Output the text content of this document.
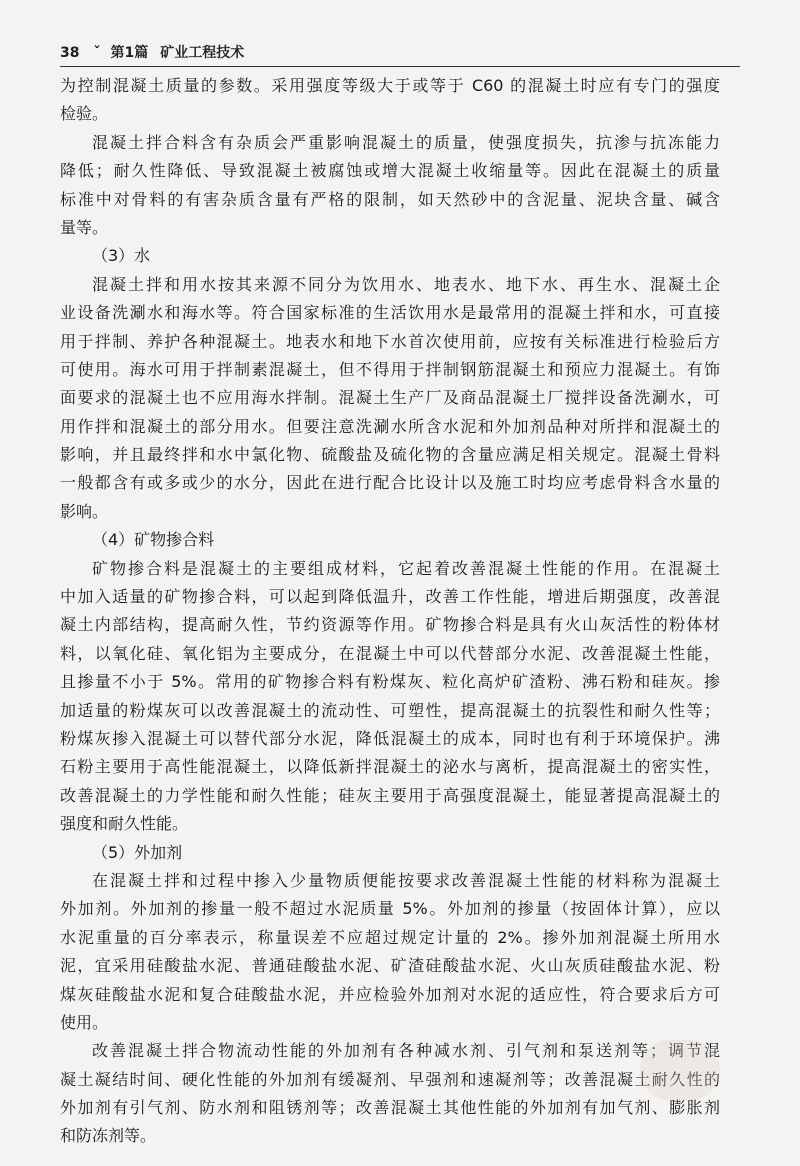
38 ˇ 第1篇 矿业工程技术
为控制混凝土质量的参数。采用强度等级大于或等于 C60 的混凝土时应有专门的强度
检验。
混凝土拌合料含有杂质会严重影响混凝土的质量，使强度损失，抗渗与抗冻能力
降低；耐久性降低、导致混凝土被腐蚀或增大混凝土收缩量等。因此在混凝土的质量
标准中对骨料的有害杂质含量有严格的限制，如天然砂中的含泥量、泥块含量、碱含
量等。
（3）水
混凝土拌和用水按其来源不同分为饮用水、地表水、地下水、再生水、混凝土企
业设备洗涮水和海水等。符合国家标准的生活饮用水是最常用的混凝土拌和水，可直接
用于拌制、养护各种混凝土。地表水和地下水首次使用前，应按有关标准进行检验后方
可使用。海水可用于拌制素混凝土，但不得用于拌制钢筋混凝土和预应力混凝土。有饰
面要求的混凝土也不应用海水拌制。混凝土生产厂及商品混凝土厂搅拌设备洗涮水，可
用作拌和混凝土的部分用水。但要注意洗涮水所含水泥和外加剂品种对所拌和混凝土的
影响，并且最终拌和水中氯化物、硫酸盐及硫化物的含量应满足相关规定。混凝土骨料
一般都含有或多或少的水分，因此在进行配合比设计以及施工时均应考虑骨料含水量的
影响。
（4）矿物掺合料
矿物掺合料是混凝土的主要组成材料，它起着改善混凝土性能的作用。在混凝土
中加入适量的矿物掺合料，可以起到降低温升，改善工作性能，增进后期强度，改善混
凝土内部结构，提高耐久性，节约资源等作用。矿物掺合料是具有火山灰活性的粉体材
料，以氧化硅、氧化铝为主要成分，在混凝土中可以代替部分水泥、改善混凝土性能，
且掺量不小于 5%。常用的矿物掺合料有粉煤灰、粒化高炉矿渣粉、沸石粉和硅灰。掺
加适量的粉煤灰可以改善混凝土的流动性、可塑性，提高混凝土的抗裂性和耐久性等；
粉煤灰掺入混凝土可以替代部分水泥，降低混凝土的成本，同时也有利于环境保护。沸
石粉主要用于高性能混凝土，以降低新拌混凝土的泌水与离析，提高混凝土的密实性，
改善混凝土的力学性能和耐久性能；硅灰主要用于高强度混凝土，能显著提高混凝土的
强度和耐久性能。
（5）外加剂
在混凝土拌和过程中掺入少量物质便能按要求改善混凝土性能的材料称为混凝土
外加剂。外加剂的掺量一般不超过水泥质量 5%。外加剂的掺量（按固体计算），应以
水泥重量的百分率表示，称量误差不应超过规定计量的 2%。掺外加剂混凝土所用水
泥，宜采用硅酸盐水泥、普通硅酸盐水泥、矿渣硅酸盐水泥、火山灰质硅酸盐水泥、粉
煤灰硅酸盐水泥和复合硅酸盐水泥，并应检验外加剂对水泥的适应性，符合要求后方可
使用。
改善混凝土拌合物流动性能的外加剂有各种减水剂、引气剂和泵送剂等；调节混
凝土凝结时间、硬化性能的外加剂有缓凝剂、早强剂和速凝剂等；改善混凝土耐久性的
外加剂有引气剂、防水剂和阻锈剂等；改善混凝土其他性能的外加剂有加气剂、膨胀剂
和防冻剂等。
